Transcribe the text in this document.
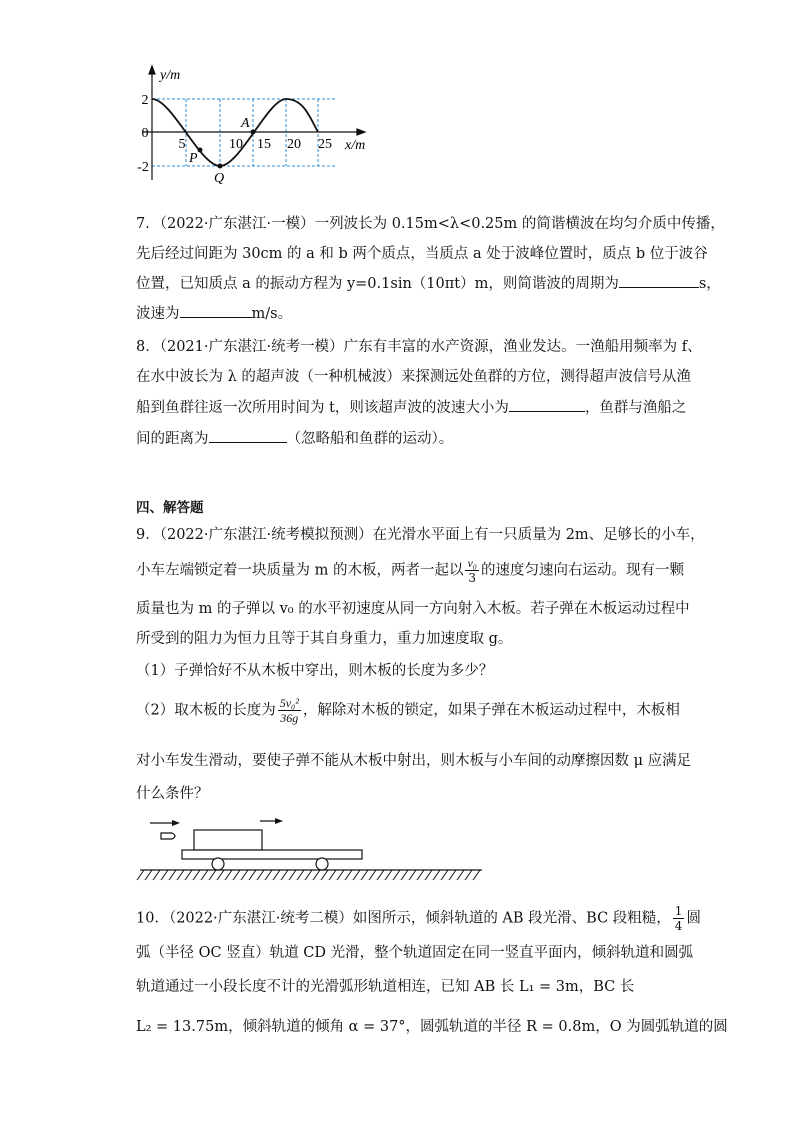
y/m
x/m
2
0
-2
5	10 15 20 25
P
Q
A
7．（2022·广东湛江·一模）一列波长为 0.15m<λ<0.25m 的简谐横波在均匀介质中传播，
先后经过间距为 30cm 的 a 和 b 两个质点，当质点 a 处于波峰位置时，质点 b 位于波谷
位置，已知质点 a 的振动方程为 y=0.1sin（10πt）m，则简谐波的周期为	s，
波速为	m/s。
8．（2021·广东湛江·统考一模）广东有丰富的水产资源，渔业发达。一渔船用频率为 f、
在水中波长为 λ 的超声波（一种机械波）来探测远处鱼群的方位，测得超声波信号从渔
船到鱼群往返一次所用时间为 t，则该超声波的波速大小为	，鱼群与渔船之
间的距离为	（忽略船和鱼群的运动）。
四、解答题
9．（2022·广东湛江·统考模拟预测）在光滑水平面上有一只质量为 2m、足够长的小车，
小车左端锁定着一块质量为 m 的木板，两者一起以 $\frac{\text{v₀}}{3}$ 的速度匀速向右运动。现有一颗
质量也为 m 的子弹以 v₀ 的水平初速度从同一方向射入木板。若子弹在木板运动过程中
所受到的阻力为恒力且等于其自身重力，重力加速度取 g。
（1）子弹恰好不从木板中穿出，则木板的长度为多少？
（2）取木板的长度为 $\frac{\text{5v₀²}}{36g}$ ，解除对木板的锁定，如果子弹在木板运动过程中，木板相
对小车发生滑动，要使子弹不能从木板中射出，则木板与小车间的动摩擦因数 μ 应满足
什么条件？
10．（2022·广东湛江·统考二模）如图所示，倾斜轨道的 AB 段光滑、BC 段粗糙， $\frac{1}{4}$ 圆
弧（半径 OC 竖直）轨道 CD 光滑，整个轨道固定在同一竖直平面内，倾斜轨道和圆弧
轨道通过一小段长度不计的光滑弧形轨道相连，已知 AB 长 L₁ = 3m，BC 长
L₂ = 13.75m，倾斜轨道的倾角 α = 37°，圆弧轨道的半径 R = 0.8m，O 为圆弧轨道的圆
